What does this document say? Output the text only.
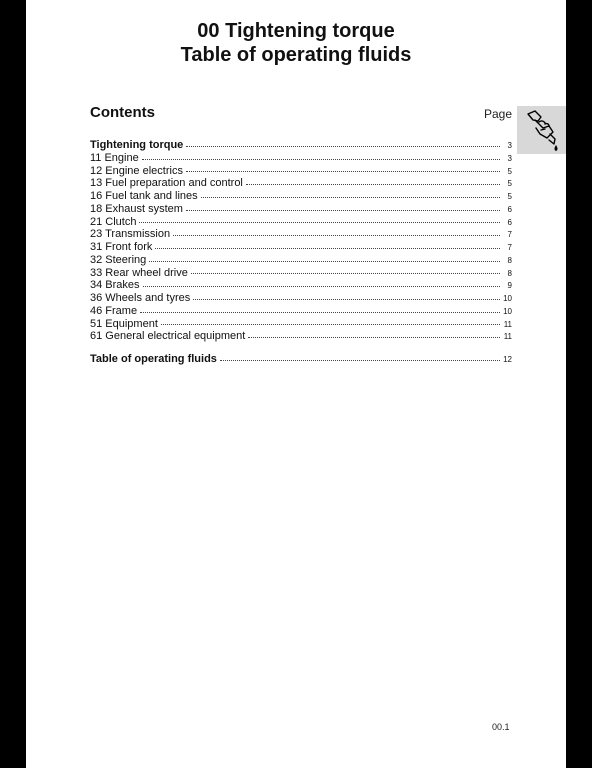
00 Tightening torque
Table of operating fluids
Contents	Page
Tightening torque	3
11 Engine	3
12 Engine electrics	5
13 Fuel preparation and control	5
16 Fuel tank and lines	5
18 Exhaust system	6
21 Clutch	6
23 Transmission	7
31 Front fork	7
32 Steering	8
33 Rear wheel drive	8
34 Brakes	9
36 Wheels and tyres	10
46 Frame	10
51 Equipment	11
61 General electrical equipment	11
Table of operating fluids	12
00.1
